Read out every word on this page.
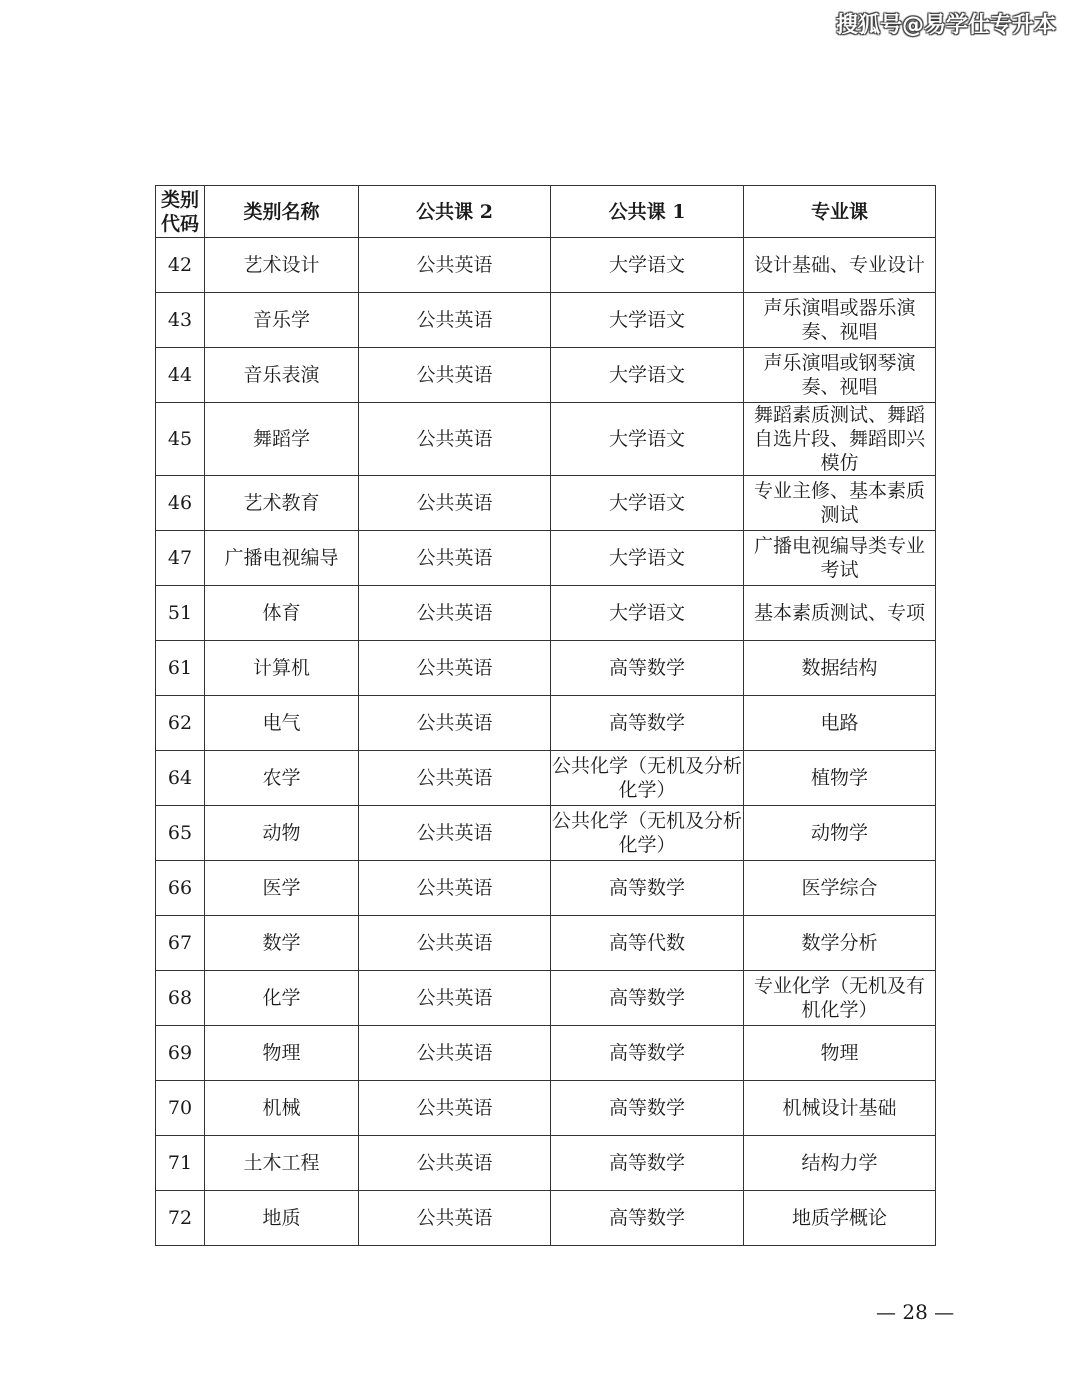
搜狐号@易学仕专升本
类别代码	类别名称	公共课 2	公共课 1	专业课
42	艺术设计	公共英语	大学语文	设计基础、专业设计
43	音乐学	公共英语	大学语文	声乐演唱或器乐演奏、视唱
44	音乐表演	公共英语	大学语文	声乐演唱或钢琴演奏、视唱
45	舞蹈学	公共英语	大学语文	舞蹈素质测试、舞蹈自选片段、舞蹈即兴模仿
46	艺术教育	公共英语	大学语文	专业主修、基本素质测试
47	广播电视编导	公共英语	大学语文	广播电视编导类专业考试
51	体育	公共英语	大学语文	基本素质测试、专项
61	计算机	公共英语	高等数学	数据结构
62	电气	公共英语	高等数学	电路
64	农学	公共英语	公共化学（无机及分析化学）	植物学
65	动物	公共英语	公共化学（无机及分析化学）	动物学
66	医学	公共英语	高等数学	医学综合
67	数学	公共英语	高等代数	数学分析
68	化学	公共英语	高等数学	专业化学（无机及有机化学）
69	物理	公共英语	高等数学	物理
70	机械	公共英语	高等数学	机械设计基础
71	土木工程	公共英语	高等数学	结构力学
72	地质	公共英语	高等数学	地质学概论
— 28 —
